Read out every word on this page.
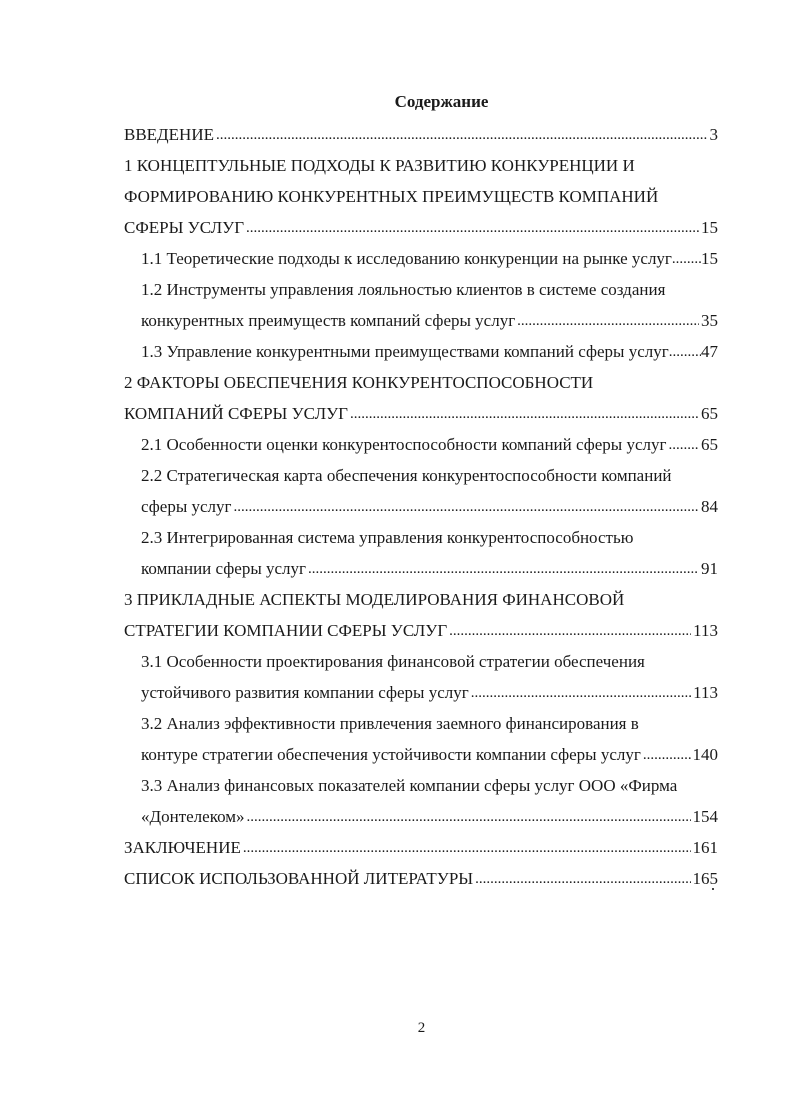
Содержание
ВВЕДЕНИЕ .....	3
1 КОНЦЕПТУЛЬНЫЕ ПОДХОДЫ К РАЗВИТИЮ КОНКУРЕНЦИИ И
ФОРМИРОВАНИЮ КОНКУРЕНТНЫХ ПРЕИМУЩЕСТВ КОМПАНИЙ
СФЕРЫ УСЛУГ .....	15
1.1 Теоретические подходы к исследованию конкуренции на рынке услуг ..... 15
1.2 Инструменты управления лояльностью клиентов в системе создания
конкурентных преимуществ компаний сферы услуг .....	35
1.3 Управление конкурентными преимуществами компаний сферы услуг ..... 47
2 ФАКТОРЫ ОБЕСПЕЧЕНИЯ КОНКУРЕНТОСПОСОБНОСТИ
КОМПАНИЙ СФЕРЫ УСЛУГ .....	65
2.1 Особенности оценки конкурентоспособности компаний сферы услуг ..... 65
2.2 Стратегическая карта обеспечения конкурентоспособности компаний
сферы услуг .....	84
2.3 Интегрированная система управления конкурентоспособностью
компании сферы услуг .....	91
3 ПРИКЛАДНЫЕ АСПЕКТЫ МОДЕЛИРОВАНИЯ ФИНАНСОВОЙ
СТРАТЕГИИ КОМПАНИИ СФЕРЫ УСЛУГ .....	113
3.1 Особенности проектирования финансовой стратегии обеспечения
устойчивого развития компании сферы услуг .....	113
3.2 Анализ эффективности привлечения заемного финансирования в
контуре стратегии обеспечения устойчивости компании сферы услуг .....	140
3.3 Анализ финансовых показателей компании сферы услуг ООО «Фирма
«Донтелеком» .....	154
ЗАКЛЮЧЕНИЕ .....	161
СПИСОК ИСПОЛЬЗОВАННОЙ ЛИТЕРАТУРЫ .....	165
2
